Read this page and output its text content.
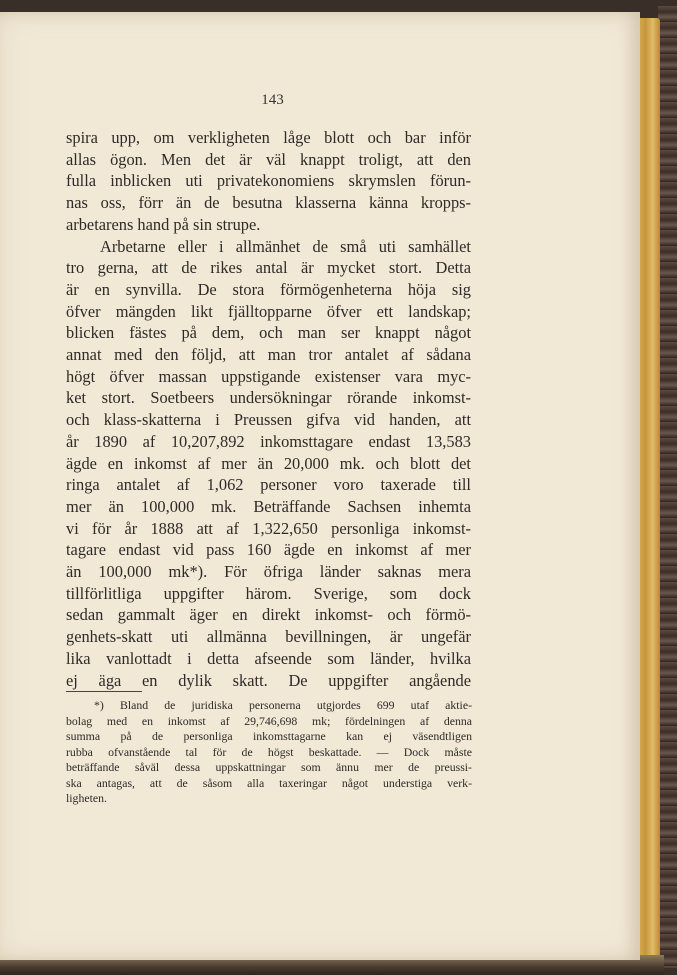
143
spira upp, om verkligheten låge blott och bar inför
allas ögon. Men det är väl knappt troligt, att den
fulla inblicken uti privatekonomiens skrymslen förun-
nas oss, förr än de besutna klasserna känna kropps-
arbetarens hand på sin strupe.
Arbetarne eller i allmänhet de små uti samhället
tro gerna, att de rikes antal är mycket stort. Detta
är en synvilla. De stora förmögenheterna höja sig
öfver mängden likt fjälltopparne öfver ett landskap;
blicken fästes på dem, och man ser knappt något
annat med den följd, att man tror antalet af sådana
högt öfver massan uppstigande existenser vara myc-
ket stort. Soetbeers undersökningar rörande inkomst-
och klass-skatterna i Preussen gifva vid handen, att
år 1890 af 10,207,892 inkomsttagare endast 13,583
ägde en inkomst af mer än 20,000 mk. och blott det
ringa antalet af 1,062 personer voro taxerade till
mer än 100,000 mk. Beträffande Sachsen inhemta
vi för år 1888 att af 1,322,650 personliga inkomst-
tagare endast vid pass 160 ägde en inkomst af mer
än 100,000 mk*). För öfriga länder saknas mera
tillförlitliga uppgifter härom. Sverige, som dock
sedan gammalt äger en direkt inkomst- och förmö-
genhets-skatt uti allmänna bevillningen, är ungefär
lika vanlottadt i detta afseende som länder, hvilka
ej äga en dylik skatt. De uppgifter angående
*) Bland de juridiska personerna utgjordes 699 utaf aktie-
bolag med en inkomst af 29,746,698 mk; fördelningen af denna
summa på de personliga inkomsttagarne kan ej väsendtligen
rubba ofvanstående tal för de högst beskattade. — Dock måste
beträffande såväl dessa uppskattningar som ännu mer de preussi-
ska antagas, att de såsom alla taxeringar något understiga verk-
ligheten.
